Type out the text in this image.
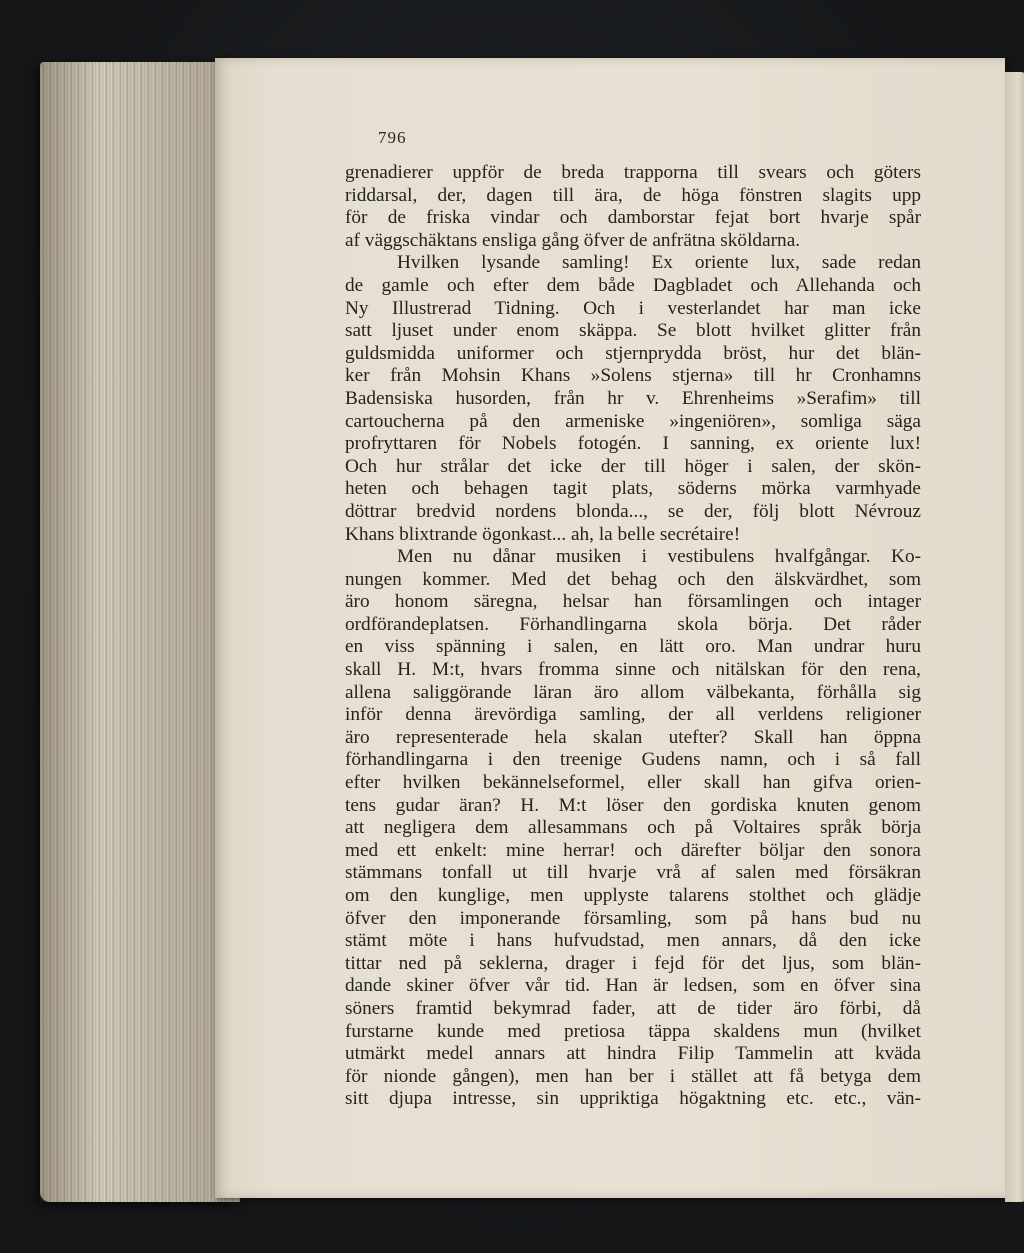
796
grenadierer uppför de breda trapporna till svears och göters
riddarsal, der, dagen till ära, de höga fönstren slagits upp
för de friska vindar och damborstar fejat bort hvarje spår
af väggschäktans ensliga gång öfver de anfrätna sköldarna.
Hvilken lysande samling! Ex oriente lux, sade redan
de gamle och efter dem både Dagbladet och Allehanda och
Ny Illustrerad Tidning. Och i vesterlandet har man icke
satt ljuset under enom skäppa. Se blott hvilket glitter från
guldsmidda uniformer och stjernprydda bröst, hur det blän-
ker från Mohsin Khans »Solens stjerna» till hr Cronhamns
Badensiska husorden, från hr v. Ehrenheims »Serafim» till
cartoucherna på den armeniske »ingeniören», somliga säga
profryttaren för Nobels fotogén. I sanning, ex oriente lux!
Och hur strålar det icke der till höger i salen, der skön-
heten och behagen tagit plats, söderns mörka varmhyade
döttrar bredvid nordens blonda..., se der, följ blott Névrouz
Khans blixtrande ögonkast... ah, la belle secrétaire!
Men nu dånar musiken i vestibulens hvalfgångar. Ko-
nungen kommer. Med det behag och den älskvärdhet, som
äro honom säregna, helsar han församlingen och intager
ordförandeplatsen. Förhandlingarna skola börja. Det råder
en viss spänning i salen, en lätt oro. Man undrar huru
skall H. M:t, hvars fromma sinne och nitälskan för den rena,
allena saliggörande läran äro allom välbekanta, förhålla sig
inför denna ärevördiga samling, der all verldens religioner
äro representerade hela skalan utefter? Skall han öppna
förhandlingarna i den treenige Gudens namn, och i så fall
efter hvilken bekännelseformel, eller skall han gifva orien-
tens gudar äran? H. M:t löser den gordiska knuten genom
att negligera dem allesammans och på Voltaires språk börja
med ett enkelt: mine herrar! och därefter böljar den sonora
stämmans tonfall ut till hvarje vrå af salen med försäkran
om den kunglige, men upplyste talarens stolthet och glädje
öfver den imponerande församling, som på hans bud nu
stämt möte i hans hufvudstad, men annars, då den icke
tittar ned på seklerna, drager i fejd för det ljus, som blän-
dande skiner öfver vår tid. Han är ledsen, som en öfver sina
söners framtid bekymrad fader, att de tider äro förbi, då
furstarne kunde med pretiosa täppa skaldens mun (hvilket
utmärkt medel annars att hindra Filip Tammelin att kväda
för nionde gången), men han ber i stället att få betyga dem
sitt djupa intresse, sin uppriktiga högaktning etc. etc., vän-
